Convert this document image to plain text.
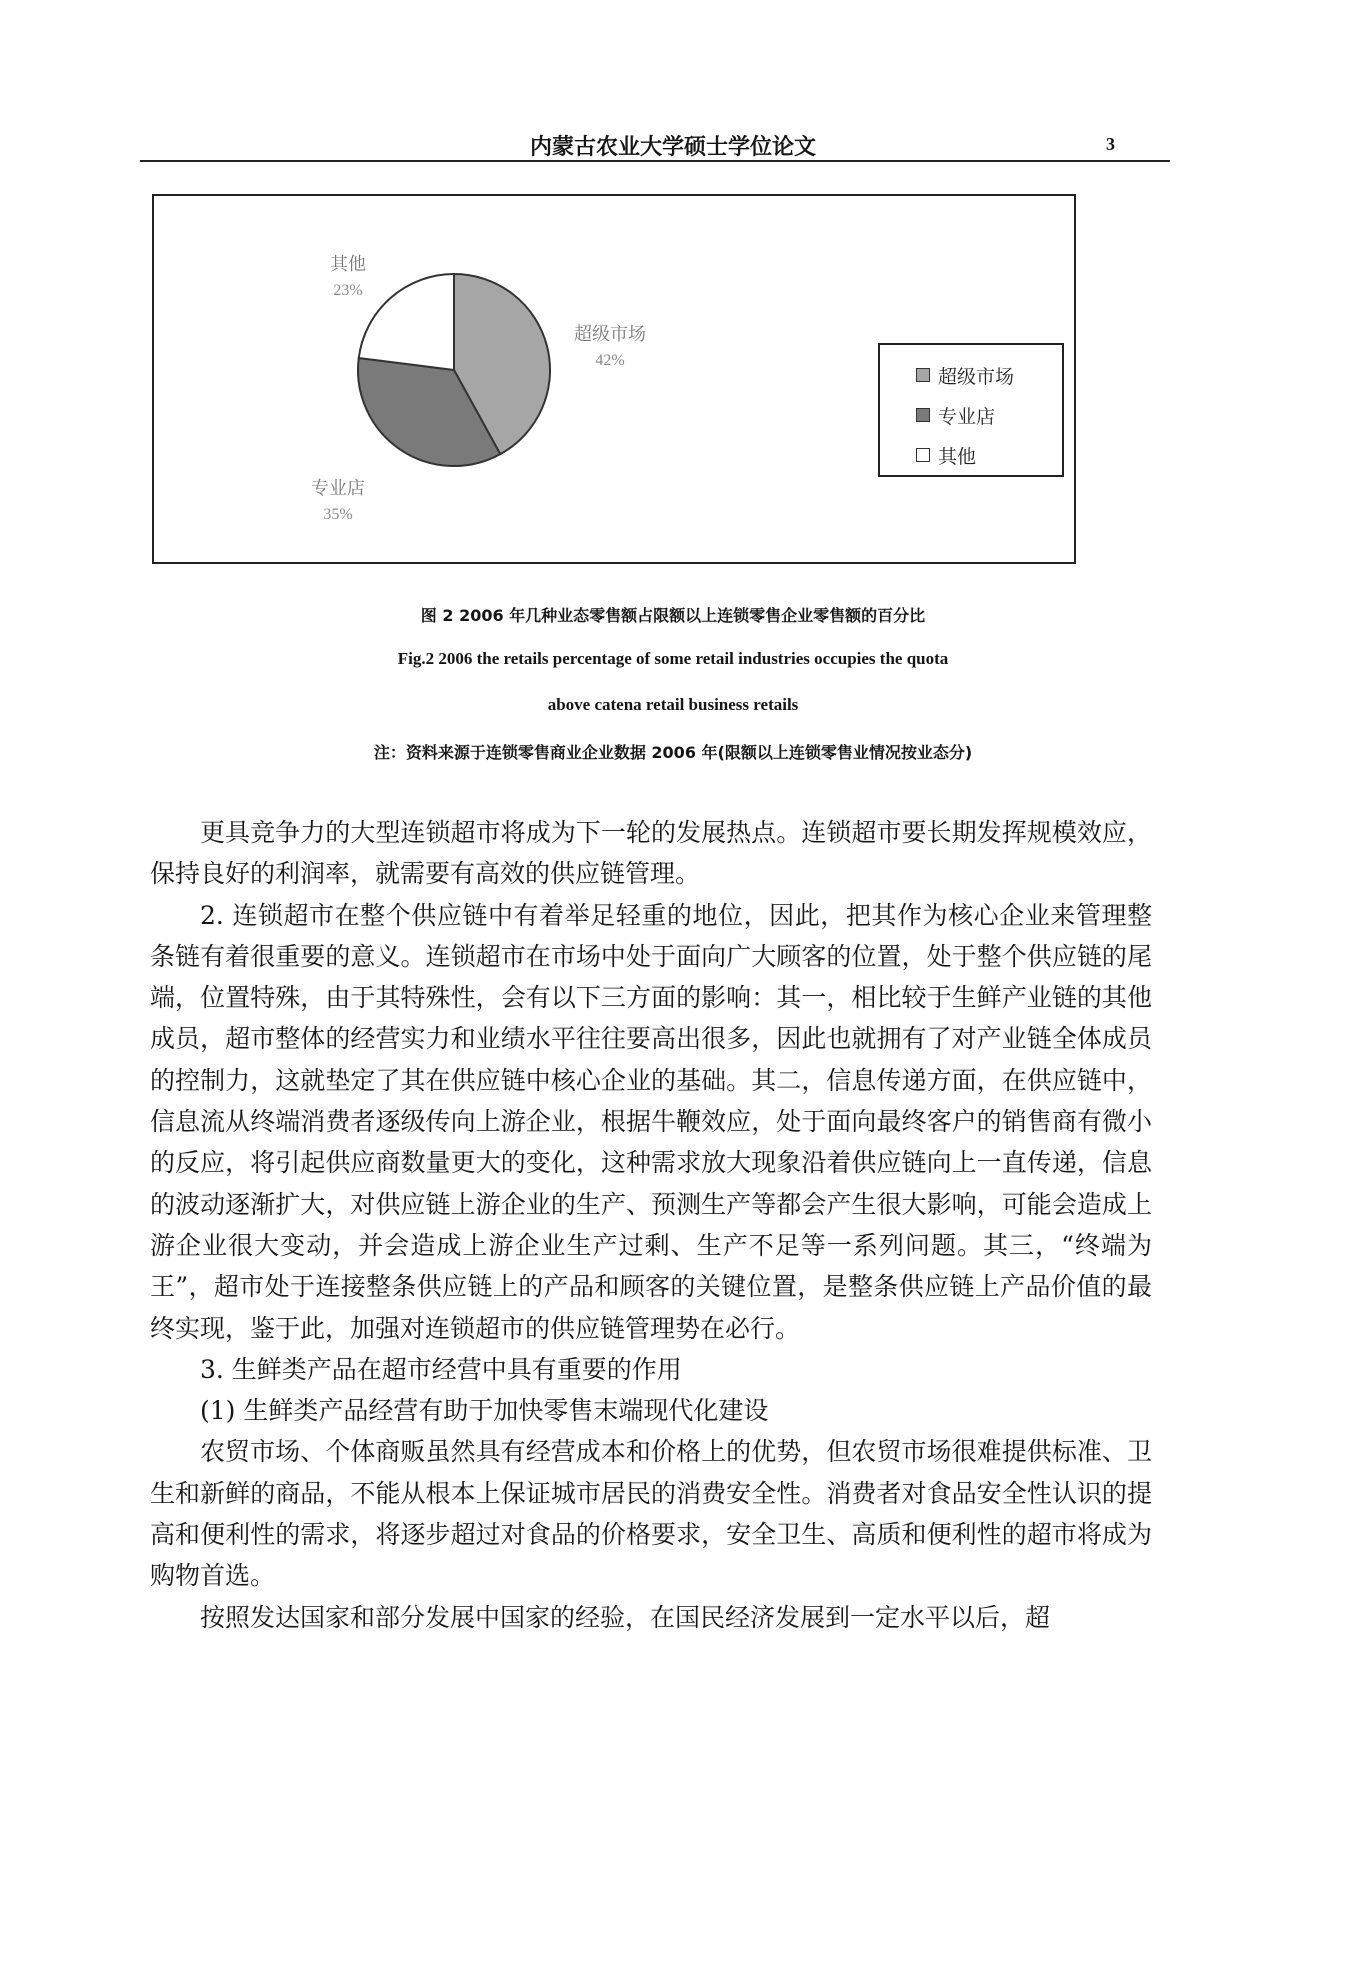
内蒙古农业大学硕士学位论文	3
其他
23%
超级市场
42%
专业店
35%
超级市场
专业店
其他
图 2 2006 年几种业态零售额占限额以上连锁零售企业零售额的百分比
Fig.2 2006 the retails percentage of some retail industries occupies the quota
above catena retail business retails
注：资料来源于连锁零售商业企业数据 2006 年(限额以上连锁零售业情况按业态分)

更具竞争力的大型连锁超市将成为下一轮的发展热点。连锁超市要长期发挥规模效应，保持良好的利润率，就需要有高效的供应链管理。

2. 连锁超市在整个供应链中有着举足轻重的地位，因此，把其作为核心企业来管理整条链有着很重要的意义。连锁超市在市场中处于面向广大顾客的位置，处于整个供应链的尾端，位置特殊，由于其特殊性，会有以下三方面的影响：其一，相比较于生鲜产业链的其他成员，超市整体的经营实力和业绩水平往往要高出很多，因此也就拥有了对产业链全体成员的控制力，这就垫定了其在供应链中核心企业的基础。其二，信息传递方面，在供应链中，信息流从终端消费者逐级传向上游企业，根据牛鞭效应，处于面向最终客户的销售商有微小的反应，将引起供应商数量更大的变化，这种需求放大现象沿着供应链向上一直传递，信息的波动逐渐扩大，对供应链上游企业的生产、预测生产等都会产生很大影响，可能会造成上游企业很大变动，并会造成上游企业生产过剩、生产不足等一系列问题。其三，“终端为王”，超市处于连接整条供应链上的产品和顾客的关键位置，是整条供应链上产品价值的最终实现，鉴于此，加强对连锁超市的供应链管理势在必行。

3. 生鲜类产品在超市经营中具有重要的作用

(1) 生鲜类产品经营有助于加快零售末端现代化建设

农贸市场、个体商贩虽然具有经营成本和价格上的优势，但农贸市场很难提供标准、卫生和新鲜的商品，不能从根本上保证城市居民的消费安全性。消费者对食品安全性认识的提高和便利性的需求，将逐步超过对食品的价格要求，安全卫生、高质和便利性的超市将成为购物首选。

按照发达国家和部分发展中国家的经验，在国民经济发展到一定水平以后，超
